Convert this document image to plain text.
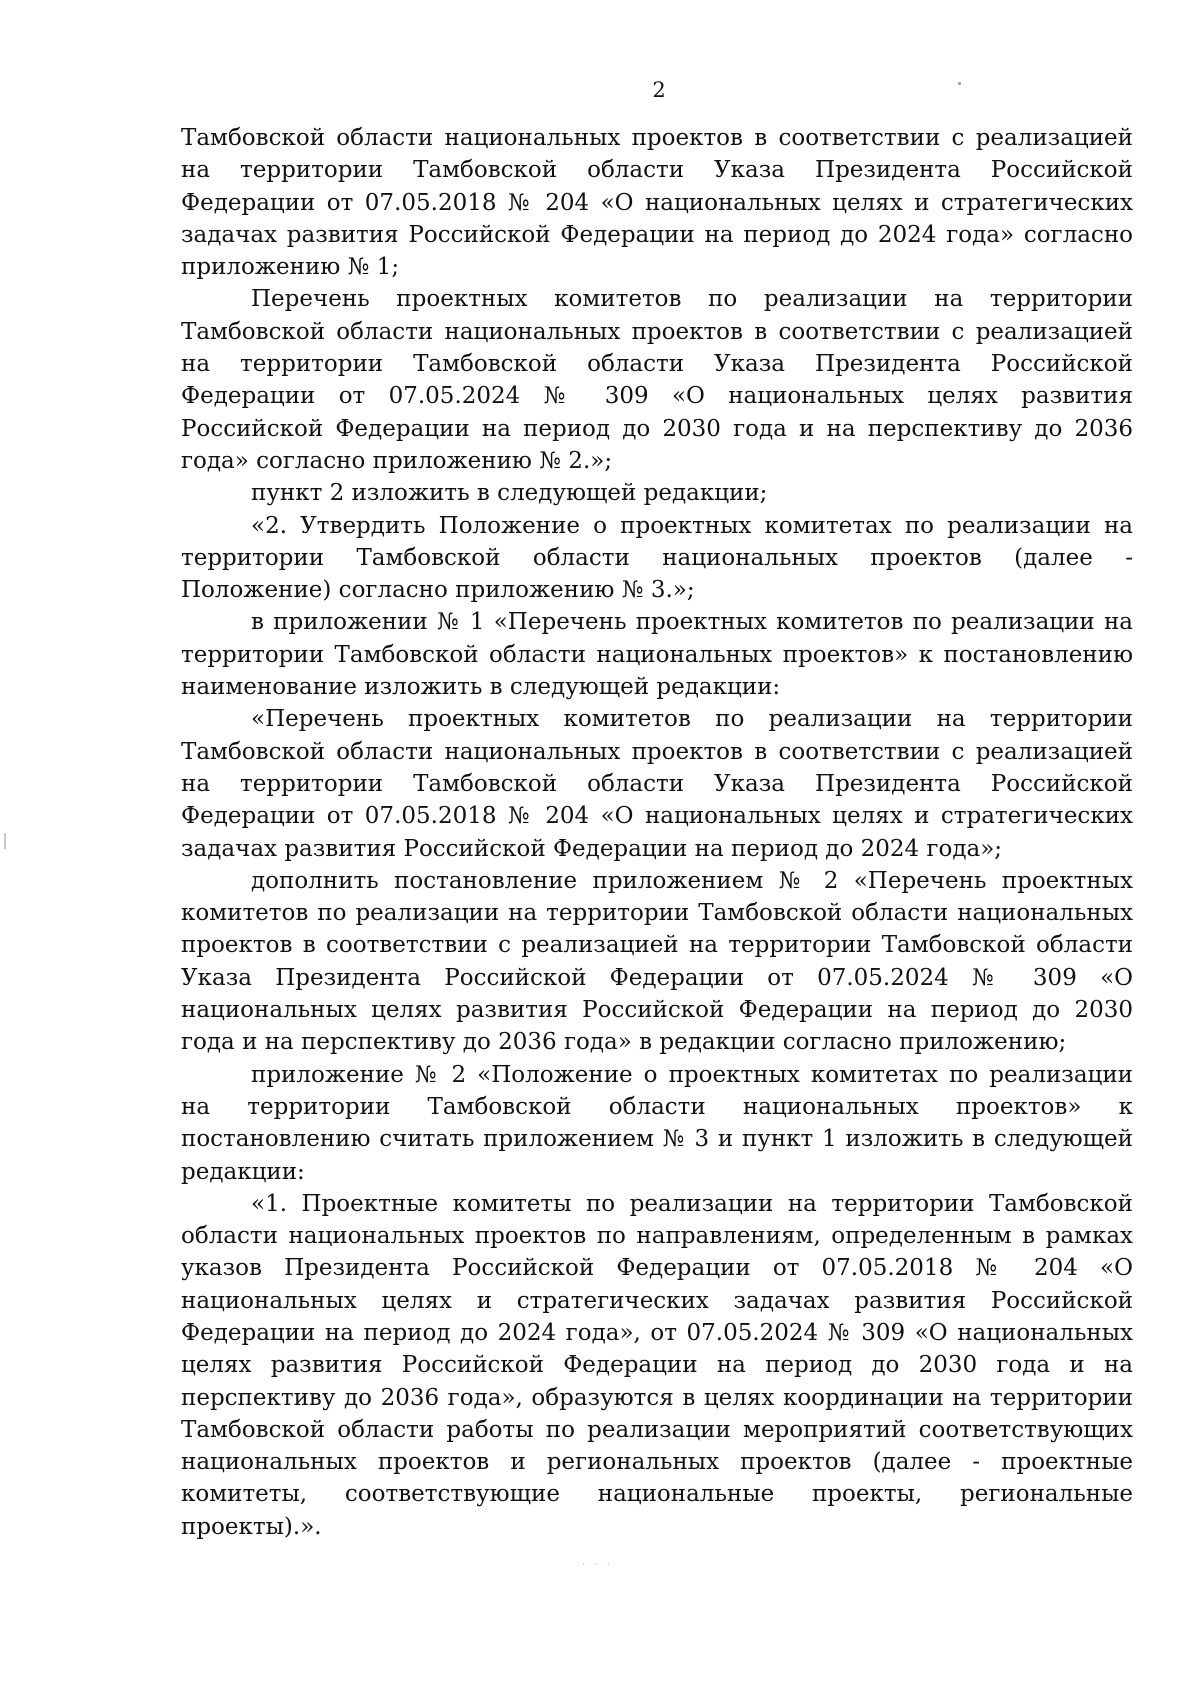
2

Тамбовской области национальных проектов в соответствии с реализацией на территории Тамбовской области Указа Президента Российской Федерации от 07.05.2018 № 204 «О национальных целях и стратегических задачах развития Российской Федерации на период до 2024 года» согласно приложению № 1;

Перечень проектных комитетов по реализации на территории Тамбовской области национальных проектов в соответствии с реализацией на территории Тамбовской области Указа Президента Российской Федерации от 07.05.2024 № 309 «О национальных целях развития Российской Федерации на период до 2030 года и на перспективу до 2036 года» согласно приложению № 2.»;

пункт 2 изложить в следующей редакции;

«2. Утвердить Положение о проектных комитетах по реализации на территории Тамбовской области национальных проектов (далее - Положение) согласно приложению № 3.»;

в приложении № 1 «Перечень проектных комитетов по реализации на территории Тамбовской области национальных проектов» к постановлению наименование изложить в следующей редакции:

«Перечень проектных комитетов по реализации на территории Тамбовской области национальных проектов в соответствии с реализацией на территории Тамбовской области Указа Президента Российской Федерации от 07.05.2018 № 204 «О национальных целях и стратегических задачах развития Российской Федерации на период до 2024 года»;

дополнить постановление приложением № 2 «Перечень проектных комитетов по реализации на территории Тамбовской области национальных проектов в соответствии с реализацией на территории Тамбовской области Указа Президента Российской Федерации от 07.05.2024 № 309 «О национальных целях развития Российской Федерации на период до 2030 года и на перспективу до 2036 года» в редакции согласно приложению;

приложение № 2 «Положение о проектных комитетах по реализации на территории Тамбовской области национальных проектов» к постановлению считать приложением № 3 и пункт 1 изложить в следующей редакции:

«1. Проектные комитеты по реализации на территории Тамбовской области национальных проектов по направлениям, определенным в рамках указов Президента Российской Федерации от 07.05.2018 № 204 «О национальных целях и стратегических задачах развития Российской Федерации на период до 2024 года», от 07.05.2024 № 309 «О национальных целях развития Российской Федерации на период до 2030 года и на перспективу до 2036 года», образуются в целях координации на территории Тамбовской области работы по реализации мероприятий соответствующих национальных проектов и региональных проектов (далее - проектные комитеты, соответствующие национальные проекты, региональные проекты).».

· · ·
